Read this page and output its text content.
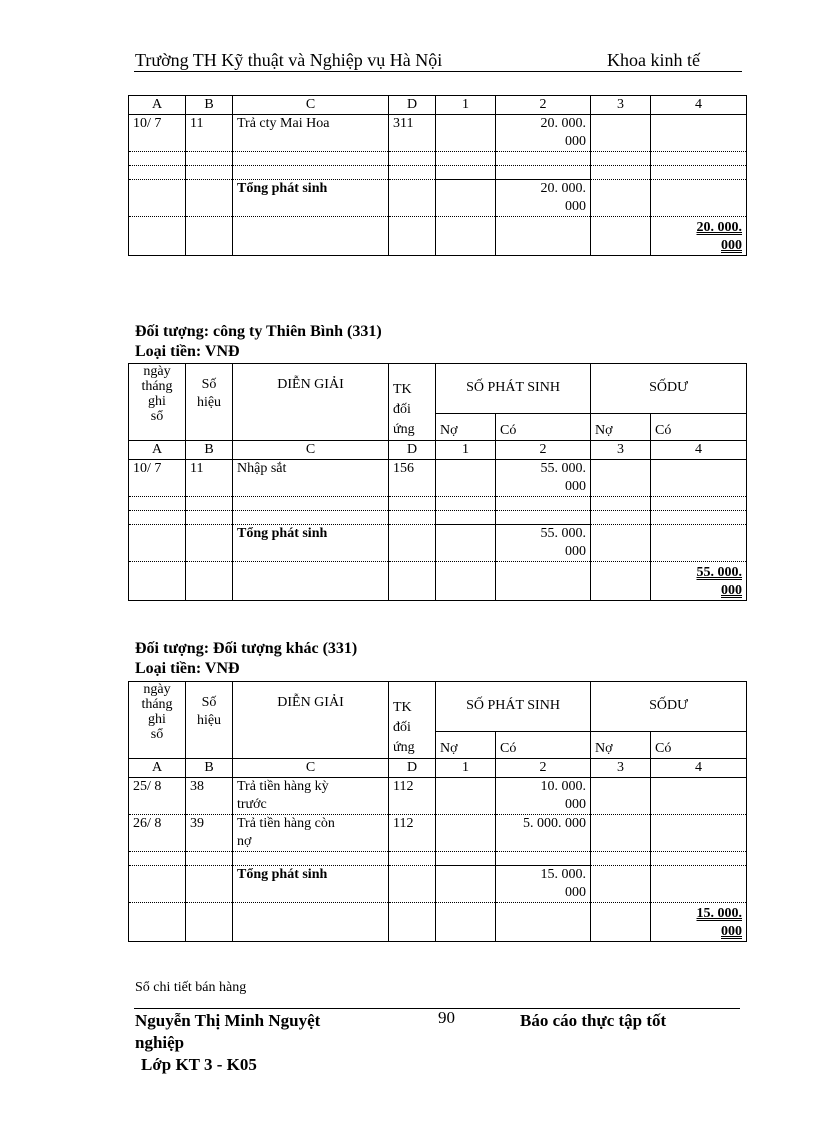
Trường TH Kỹ thuật và Nghiệp vụ Hà Nội	Khoa kinh tế
A	B	C	D	1	2	3	4
10/ 7	11	Trả cty Mai Hoa	311		20. 000.
000		

		Tổng phát sinh			20. 000.
000		
							20. 000.
000
Đối tượng: công ty Thiên Bình (331)
Loại tiền: VNĐ
ngày
tháng
ghi
sổ	Số
hiệu	DIỄN GIẢI	TK
đối
ứng	SỐ PHÁT SINH		SỐDƯ	
				Nợ	Có	Nợ	Có
A	B	C	D	1	2	3	4
10/ 7	11	Nhập sắt	156		55. 000.
000		

		Tổng phát sinh			55. 000.
000		
							55. 000.
000
Đối tượng: Đối tượng khác (331)
Loại tiền: VNĐ
ngày
tháng
ghi
sổ	Số
hiệu	DIỄN GIẢI	TK
đối
ứng	SỐ PHÁT SINH		SỐDƯ	
				Nợ	Có	Nợ	Có
A	B	C	D	1	2	3	4
25/ 8	38	Trả tiền hàng kỳ
trước	112		10. 000.
000		
26/ 8	39	Trả tiền hàng còn
nợ	112		5. 000. 000		

		Tổng phát sinh			15. 000.
000		
							15. 000.
000
Sổ chi tiết bán hàng
Nguyễn Thị Minh Nguyệt	90	Báo cáo thực tập tốt
nghiệp
Lớp KT 3 - K05
